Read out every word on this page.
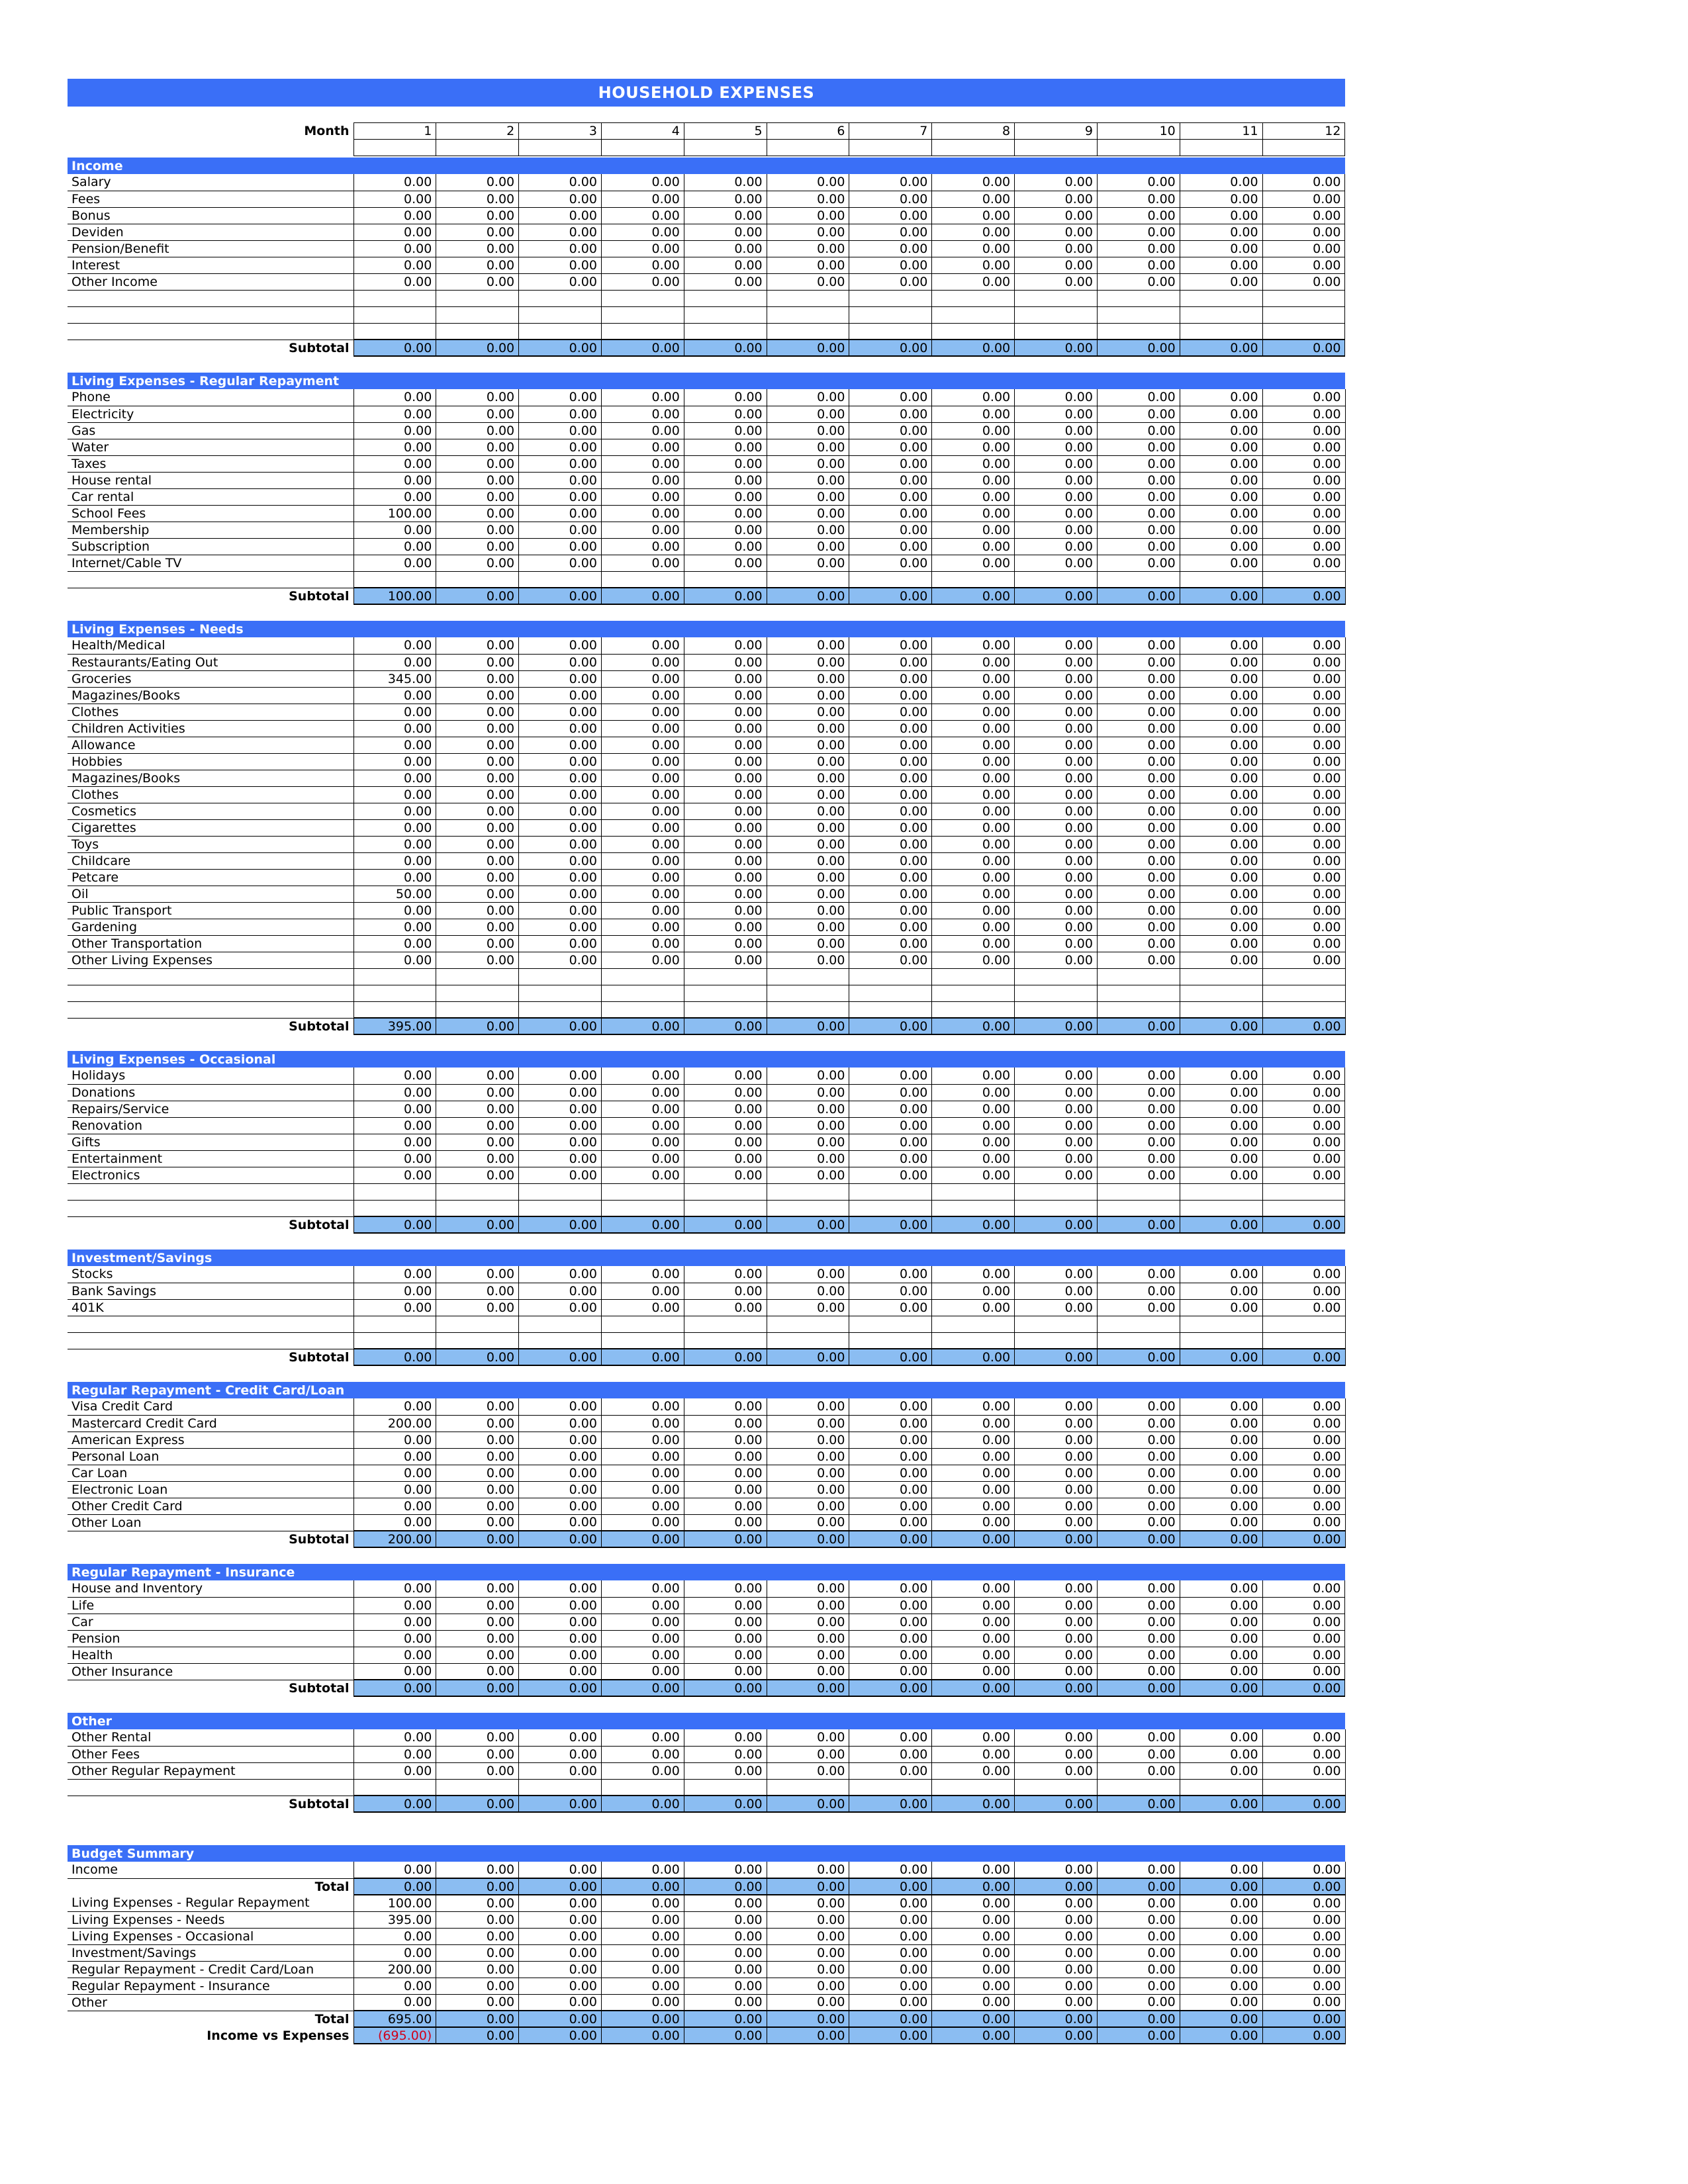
HOUSEHOLD EXPENSES
Month	1	2	3	4	5	6	7	8	9	10	11	12

Income												
Salary	0.00	0.00	0.00	0.00	0.00	0.00	0.00	0.00	0.00	0.00	0.00	0.00
Fees	0.00	0.00	0.00	0.00	0.00	0.00	0.00	0.00	0.00	0.00	0.00	0.00
Bonus	0.00	0.00	0.00	0.00	0.00	0.00	0.00	0.00	0.00	0.00	0.00	0.00
Deviden	0.00	0.00	0.00	0.00	0.00	0.00	0.00	0.00	0.00	0.00	0.00	0.00
Pension/Benefit	0.00	0.00	0.00	0.00	0.00	0.00	0.00	0.00	0.00	0.00	0.00	0.00
Interest	0.00	0.00	0.00	0.00	0.00	0.00	0.00	0.00	0.00	0.00	0.00	0.00
Other Income	0.00	0.00	0.00	0.00	0.00	0.00	0.00	0.00	0.00	0.00	0.00	0.00

Subtotal	0.00	0.00	0.00	0.00	0.00	0.00	0.00	0.00	0.00	0.00	0.00	0.00
Living Expenses - Regular Repayment												
Phone	0.00	0.00	0.00	0.00	0.00	0.00	0.00	0.00	0.00	0.00	0.00	0.00
Electricity	0.00	0.00	0.00	0.00	0.00	0.00	0.00	0.00	0.00	0.00	0.00	0.00
Gas	0.00	0.00	0.00	0.00	0.00	0.00	0.00	0.00	0.00	0.00	0.00	0.00
Water	0.00	0.00	0.00	0.00	0.00	0.00	0.00	0.00	0.00	0.00	0.00	0.00
Taxes	0.00	0.00	0.00	0.00	0.00	0.00	0.00	0.00	0.00	0.00	0.00	0.00
House rental	0.00	0.00	0.00	0.00	0.00	0.00	0.00	0.00	0.00	0.00	0.00	0.00
Car rental	0.00	0.00	0.00	0.00	0.00	0.00	0.00	0.00	0.00	0.00	0.00	0.00
School Fees	100.00	0.00	0.00	0.00	0.00	0.00	0.00	0.00	0.00	0.00	0.00	0.00
Membership	0.00	0.00	0.00	0.00	0.00	0.00	0.00	0.00	0.00	0.00	0.00	0.00
Subscription	0.00	0.00	0.00	0.00	0.00	0.00	0.00	0.00	0.00	0.00	0.00	0.00
Internet/Cable TV	0.00	0.00	0.00	0.00	0.00	0.00	0.00	0.00	0.00	0.00	0.00	0.00

Subtotal	100.00	0.00	0.00	0.00	0.00	0.00	0.00	0.00	0.00	0.00	0.00	0.00
Living Expenses - Needs												
Health/Medical	0.00	0.00	0.00	0.00	0.00	0.00	0.00	0.00	0.00	0.00	0.00	0.00
Restaurants/Eating Out	0.00	0.00	0.00	0.00	0.00	0.00	0.00	0.00	0.00	0.00	0.00	0.00
Groceries	345.00	0.00	0.00	0.00	0.00	0.00	0.00	0.00	0.00	0.00	0.00	0.00
Magazines/Books	0.00	0.00	0.00	0.00	0.00	0.00	0.00	0.00	0.00	0.00	0.00	0.00
Clothes	0.00	0.00	0.00	0.00	0.00	0.00	0.00	0.00	0.00	0.00	0.00	0.00
Children Activities	0.00	0.00	0.00	0.00	0.00	0.00	0.00	0.00	0.00	0.00	0.00	0.00
Allowance	0.00	0.00	0.00	0.00	0.00	0.00	0.00	0.00	0.00	0.00	0.00	0.00
Hobbies	0.00	0.00	0.00	0.00	0.00	0.00	0.00	0.00	0.00	0.00	0.00	0.00
Magazines/Books	0.00	0.00	0.00	0.00	0.00	0.00	0.00	0.00	0.00	0.00	0.00	0.00
Clothes	0.00	0.00	0.00	0.00	0.00	0.00	0.00	0.00	0.00	0.00	0.00	0.00
Cosmetics	0.00	0.00	0.00	0.00	0.00	0.00	0.00	0.00	0.00	0.00	0.00	0.00
Cigarettes	0.00	0.00	0.00	0.00	0.00	0.00	0.00	0.00	0.00	0.00	0.00	0.00
Toys	0.00	0.00	0.00	0.00	0.00	0.00	0.00	0.00	0.00	0.00	0.00	0.00
Childcare	0.00	0.00	0.00	0.00	0.00	0.00	0.00	0.00	0.00	0.00	0.00	0.00
Petcare	0.00	0.00	0.00	0.00	0.00	0.00	0.00	0.00	0.00	0.00	0.00	0.00
Oil	50.00	0.00	0.00	0.00	0.00	0.00	0.00	0.00	0.00	0.00	0.00	0.00
Public Transport	0.00	0.00	0.00	0.00	0.00	0.00	0.00	0.00	0.00	0.00	0.00	0.00
Gardening	0.00	0.00	0.00	0.00	0.00	0.00	0.00	0.00	0.00	0.00	0.00	0.00
Other Transportation	0.00	0.00	0.00	0.00	0.00	0.00	0.00	0.00	0.00	0.00	0.00	0.00
Other Living Expenses	0.00	0.00	0.00	0.00	0.00	0.00	0.00	0.00	0.00	0.00	0.00	0.00

Subtotal	395.00	0.00	0.00	0.00	0.00	0.00	0.00	0.00	0.00	0.00	0.00	0.00
Living Expenses - Occasional												
Holidays	0.00	0.00	0.00	0.00	0.00	0.00	0.00	0.00	0.00	0.00	0.00	0.00
Donations	0.00	0.00	0.00	0.00	0.00	0.00	0.00	0.00	0.00	0.00	0.00	0.00
Repairs/Service	0.00	0.00	0.00	0.00	0.00	0.00	0.00	0.00	0.00	0.00	0.00	0.00
Renovation	0.00	0.00	0.00	0.00	0.00	0.00	0.00	0.00	0.00	0.00	0.00	0.00
Gifts	0.00	0.00	0.00	0.00	0.00	0.00	0.00	0.00	0.00	0.00	0.00	0.00
Entertainment	0.00	0.00	0.00	0.00	0.00	0.00	0.00	0.00	0.00	0.00	0.00	0.00
Electronics	0.00	0.00	0.00	0.00	0.00	0.00	0.00	0.00	0.00	0.00	0.00	0.00

Subtotal	0.00	0.00	0.00	0.00	0.00	0.00	0.00	0.00	0.00	0.00	0.00	0.00
Investment/Savings												
Stocks	0.00	0.00	0.00	0.00	0.00	0.00	0.00	0.00	0.00	0.00	0.00	0.00
Bank Savings	0.00	0.00	0.00	0.00	0.00	0.00	0.00	0.00	0.00	0.00	0.00	0.00
401K	0.00	0.00	0.00	0.00	0.00	0.00	0.00	0.00	0.00	0.00	0.00	0.00

Subtotal	0.00	0.00	0.00	0.00	0.00	0.00	0.00	0.00	0.00	0.00	0.00	0.00
Regular Repayment - Credit Card/Loan												
Visa Credit Card	0.00	0.00	0.00	0.00	0.00	0.00	0.00	0.00	0.00	0.00	0.00	0.00
Mastercard Credit Card	200.00	0.00	0.00	0.00	0.00	0.00	0.00	0.00	0.00	0.00	0.00	0.00
American Express	0.00	0.00	0.00	0.00	0.00	0.00	0.00	0.00	0.00	0.00	0.00	0.00
Personal Loan	0.00	0.00	0.00	0.00	0.00	0.00	0.00	0.00	0.00	0.00	0.00	0.00
Car Loan	0.00	0.00	0.00	0.00	0.00	0.00	0.00	0.00	0.00	0.00	0.00	0.00
Electronic Loan	0.00	0.00	0.00	0.00	0.00	0.00	0.00	0.00	0.00	0.00	0.00	0.00
Other Credit Card	0.00	0.00	0.00	0.00	0.00	0.00	0.00	0.00	0.00	0.00	0.00	0.00
Other Loan	0.00	0.00	0.00	0.00	0.00	0.00	0.00	0.00	0.00	0.00	0.00	0.00
Subtotal	200.00	0.00	0.00	0.00	0.00	0.00	0.00	0.00	0.00	0.00	0.00	0.00
Regular Repayment - Insurance												
House and Inventory	0.00	0.00	0.00	0.00	0.00	0.00	0.00	0.00	0.00	0.00	0.00	0.00
Life	0.00	0.00	0.00	0.00	0.00	0.00	0.00	0.00	0.00	0.00	0.00	0.00
Car	0.00	0.00	0.00	0.00	0.00	0.00	0.00	0.00	0.00	0.00	0.00	0.00
Pension	0.00	0.00	0.00	0.00	0.00	0.00	0.00	0.00	0.00	0.00	0.00	0.00
Health	0.00	0.00	0.00	0.00	0.00	0.00	0.00	0.00	0.00	0.00	0.00	0.00
Other Insurance	0.00	0.00	0.00	0.00	0.00	0.00	0.00	0.00	0.00	0.00	0.00	0.00
Subtotal	0.00	0.00	0.00	0.00	0.00	0.00	0.00	0.00	0.00	0.00	0.00	0.00
Other												
Other Rental	0.00	0.00	0.00	0.00	0.00	0.00	0.00	0.00	0.00	0.00	0.00	0.00
Other Fees	0.00	0.00	0.00	0.00	0.00	0.00	0.00	0.00	0.00	0.00	0.00	0.00
Other Regular Repayment	0.00	0.00	0.00	0.00	0.00	0.00	0.00	0.00	0.00	0.00	0.00	0.00

Subtotal	0.00	0.00	0.00	0.00	0.00	0.00	0.00	0.00	0.00	0.00	0.00	0.00
Budget Summary												
Income	0.00	0.00	0.00	0.00	0.00	0.00	0.00	0.00	0.00	0.00	0.00	0.00
Total	0.00	0.00	0.00	0.00	0.00	0.00	0.00	0.00	0.00	0.00	0.00	0.00
Living Expenses - Regular Repayment	100.00	0.00	0.00	0.00	0.00	0.00	0.00	0.00	0.00	0.00	0.00	0.00
Living Expenses - Needs	395.00	0.00	0.00	0.00	0.00	0.00	0.00	0.00	0.00	0.00	0.00	0.00
Living Expenses - Occasional	0.00	0.00	0.00	0.00	0.00	0.00	0.00	0.00	0.00	0.00	0.00	0.00
Investment/Savings	0.00	0.00	0.00	0.00	0.00	0.00	0.00	0.00	0.00	0.00	0.00	0.00
Regular Repayment - Credit Card/Loan	200.00	0.00	0.00	0.00	0.00	0.00	0.00	0.00	0.00	0.00	0.00	0.00
Regular Repayment - Insurance	0.00	0.00	0.00	0.00	0.00	0.00	0.00	0.00	0.00	0.00	0.00	0.00
Other	0.00	0.00	0.00	0.00	0.00	0.00	0.00	0.00	0.00	0.00	0.00	0.00
Total	695.00	0.00	0.00	0.00	0.00	0.00	0.00	0.00	0.00	0.00	0.00	0.00
Income vs Expenses	(695.00)	0.00	0.00	0.00	0.00	0.00	0.00	0.00	0.00	0.00	0.00	0.00
